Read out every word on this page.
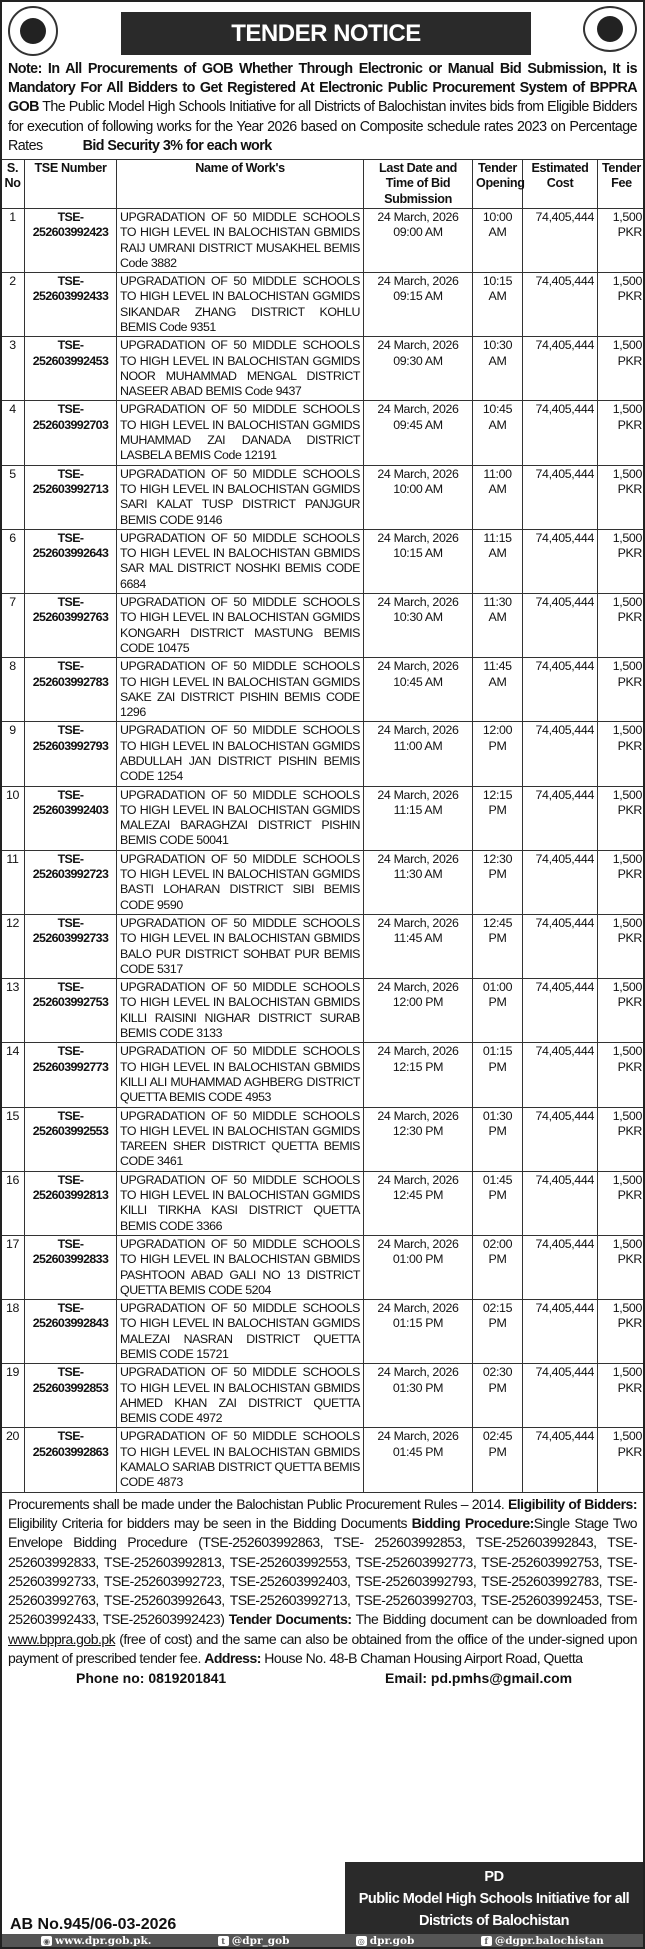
TENDER NOTICE
Note: In All Procurements of GOB Whether Through Electronic or Manual Bid Submission, It is Mandatory For All Bidders to Get Registered At Electronic Public Procurement System of BPPRA GOB The Public Model High Schools Initiative for all Districts of Balochistan invites bids from Eligible Bidders for execution of following works for the Year 2026 based on Composite schedule rates 2023 on Percentage Rates	Bid Security 3% for each work
S. No	TSE Number	Name of Work's	Last Date and Time of Bid Submission	Tender Opening	Estimated Cost	Tender Fee
1	TSE-252603992423	UPGRADATION OF 50 MIDDLE SCHOOLS TO HIGH LEVEL IN BALOCHISTAN GBMIDS RAIJ UMRANI DISTRICT MUSAKHEL BEMIS Code 3882	24 March, 2026 09:00 AM	10:00 AM	74,405,444	1,500 PKR
2	TSE-252603992433	UPGRADATION OF 50 MIDDLE SCHOOLS TO HIGH LEVEL IN BALOCHISTAN GGMIDS SIKANDAR ZHANG DISTRICT KOHLU BEMIS Code 9351	24 March, 2026 09:15 AM	10:15 AM	74,405,444	1,500 PKR
3	TSE-252603992453	UPGRADATION OF 50 MIDDLE SCHOOLS TO HIGH LEVEL IN BALOCHISTAN GGMIDS NOOR MUHAMMAD MENGAL DISTRICT NASEER ABAD BEMIS Code 9437	24 March, 2026 09:30 AM	10:30 AM	74,405,444	1,500 PKR
4	TSE-252603992703	UPGRADATION OF 50 MIDDLE SCHOOLS TO HIGH LEVEL IN BALOCHISTAN GGMIDS MUHAMMAD ZAI DANADA DISTRICT LASBELA BEMIS Code 12191	24 March, 2026 09:45 AM	10:45 AM	74,405,444	1,500 PKR
5	TSE-252603992713	UPGRADATION OF 50 MIDDLE SCHOOLS TO HIGH LEVEL IN BALOCHISTAN GGMIDS SARI KALAT TUSP DISTRICT PANJGUR BEMIS CODE 9146	24 March, 2026 10:00 AM	11:00 AM	74,405,444	1,500 PKR
6	TSE-252603992643	UPGRADATION OF 50 MIDDLE SCHOOLS TO HIGH LEVEL IN BALOCHISTAN GBMIDS SAR MAL DISTRICT NOSHKI BEMIS CODE 6684	24 March, 2026 10:15 AM	11:15 AM	74,405,444	1,500 PKR
7	TSE-252603992763	UPGRADATION OF 50 MIDDLE SCHOOLS TO HIGH LEVEL IN BALOCHISTAN GGMIDS KONGARH DISTRICT MASTUNG BEMIS CODE 10475	24 March, 2026 10:30 AM	11:30 AM	74,405,444	1,500 PKR
8	TSE-252603992783	UPGRADATION OF 50 MIDDLE SCHOOLS TO HIGH LEVEL IN BALOCHISTAN GGMIDS SAKE ZAI DISTRICT PISHIN BEMIS CODE 1296	24 March, 2026 10:45 AM	11:45 AM	74,405,444	1,500 PKR
9	TSE-252603992793	UPGRADATION OF 50 MIDDLE SCHOOLS TO HIGH LEVEL IN BALOCHISTAN GGMIDS ABDULLAH JAN DISTRICT PISHIN BEMIS CODE 1254	24 March, 2026 11:00 AM	12:00 PM	74,405,444	1,500 PKR
10	TSE-252603992403	UPGRADATION OF 50 MIDDLE SCHOOLS TO HIGH LEVEL IN BALOCHISTAN GGMIDS MALEZAI BARAGHZAI DISTRICT PISHIN BEMIS CODE 50041	24 March, 2026 11:15 AM	12:15 PM	74,405,444	1,500 PKR
11	TSE-252603992723	UPGRADATION OF 50 MIDDLE SCHOOLS TO HIGH LEVEL IN BALOCHISTAN GGMIDS BASTI LOHARAN DISTRICT SIBI BEMIS CODE 9590	24 March, 2026 11:30 AM	12:30 PM	74,405,444	1,500 PKR
12	TSE-252603992733	UPGRADATION OF 50 MIDDLE SCHOOLS TO HIGH LEVEL IN BALOCHISTAN GBMIDS BALO PUR DISTRICT SOHBAT PUR BEMIS CODE 5317	24 March, 2026 11:45 AM	12:45 PM	74,405,444	1,500 PKR
13	TSE-252603992753	UPGRADATION OF 50 MIDDLE SCHOOLS TO HIGH LEVEL IN BALOCHISTAN GBMIDS KILLI RAISINI NIGHAR DISTRICT SURAB BEMIS CODE 3133	24 March, 2026 12:00 PM	01:00 PM	74,405,444	1,500 PKR
14	TSE-252603992773	UPGRADATION OF 50 MIDDLE SCHOOLS TO HIGH LEVEL IN BALOCHISTAN GBMIDS KILLI ALI MUHAMMAD AGHBERG DISTRICT QUETTA BEMIS CODE 4953	24 March, 2026 12:15 PM	01:15 PM	74,405,444	1,500 PKR
15	TSE-252603992553	UPGRADATION OF 50 MIDDLE SCHOOLS TO HIGH LEVEL IN BALOCHISTAN GGMIDS TAREEN SHER DISTRICT QUETTA BEMIS CODE 3461	24 March, 2026 12:30 PM	01:30 PM	74,405,444	1,500 PKR
16	TSE-252603992813	UPGRADATION OF 50 MIDDLE SCHOOLS TO HIGH LEVEL IN BALOCHISTAN GGMIDS KILLI TIRKHA KASI DISTRICT QUETTA BEMIS CODE 3366	24 March, 2026 12:45 PM	01:45 PM	74,405,444	1,500 PKR
17	TSE-252603992833	UPGRADATION OF 50 MIDDLE SCHOOLS TO HIGH LEVEL IN BALOCHISTAN GBMIDS PASHTOON ABAD GALI NO 13 DISTRICT QUETTA BEMIS CODE 5204	24 March, 2026 01:00 PM	02:00 PM	74,405,444	1,500 PKR
18	TSE-252603992843	UPGRADATION OF 50 MIDDLE SCHOOLS TO HIGH LEVEL IN BALOCHISTAN GGMIDS MALEZAI NASRAN DISTRICT QUETTA BEMIS CODE 15721	24 March, 2026 01:15 PM	02:15 PM	74,405,444	1,500 PKR
19	TSE-252603992853	UPGRADATION OF 50 MIDDLE SCHOOLS TO HIGH LEVEL IN BALOCHISTAN GBMIDS AHMED KHAN ZAI DISTRICT QUETTA BEMIS CODE 4972	24 March, 2026 01:30 PM	02:30 PM	74,405,444	1,500 PKR
20	TSE-252603992863	UPGRADATION OF 50 MIDDLE SCHOOLS TO HIGH LEVEL IN BALOCHISTAN GBMIDS KAMALO SARIAB DISTRICT QUETTA BEMIS CODE 4873	24 March, 2026 01:45 PM	02:45 PM	74,405,444	1,500 PKR
Procurements shall be made under the Balochistan Public Procurement Rules – 2014. Eligibility of Bidders: Eligibility Criteria for bidders may be seen in the Bidding Documents Bidding Procedure:Single Stage Two Envelope Bidding Procedure (TSE-252603992863, TSE- 252603992853, TSE-252603992843, TSE-252603992833, TSE-252603992813, TSE-252603992553, TSE-252603992773, TSE-252603992753, TSE-252603992733, TSE-252603992723, TSE-252603992403, TSE-252603992793, TSE-252603992783, TSE-252603992763, TSE-252603992643, TSE-252603992713, TSE-252603992703, TSE-252603992453, TSE-252603992433, TSE-252603992423) Tender Documents: The Bidding document can be downloaded from www.bppra.gob.pk (free of cost) and the same can also be obtained from the office of the under-signed upon payment of prescribed tender fee. Address: House No. 48-B Chaman Housing Airport Road, Quetta
Phone no: 0819201841	Email: pd.pmhs@gmail.com
PD
Public Model High Schools Initiative for all Districts of Balochistan
AB No.945/06-03-2026
◉ www.dpr.gob.pk.	t @dpr_gob	◎ dpr.gob	f @dgpr.balochistan
